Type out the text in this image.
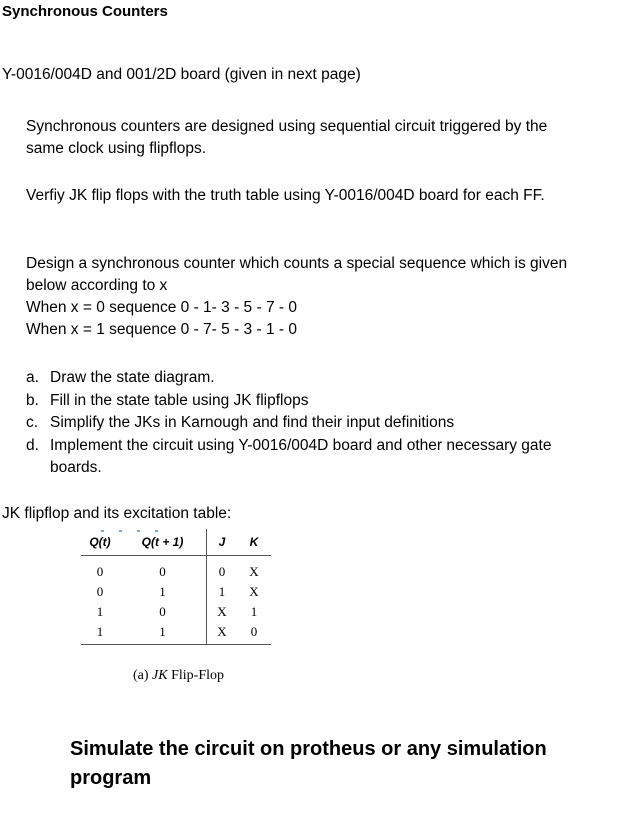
Synchronous Counters
Y-0016/004D and 001/2D board (given in next page)
Synchronous counters are designed using sequential circuit triggered by the
same clock using flipflops.
Verfiy JK flip flops with the truth table using Y-0016/004D board for each FF.
Design a synchronous counter which counts a special sequence which is given
below according to x
When x = 0 sequence 0 - 1- 3 - 5 - 7 - 0
When x = 1 sequence 0 - 7- 5 - 3 - 1 - 0
a. Draw the state diagram.
b. Fill in the state table using JK flipflops
c. Simplify the JKs in Karnough and find their input definitions
d. Implement the circuit using Y-0016/004D board and other necessary gate
boards.
JK flipflop and its excitation table:
Q(t)	Q(t + 1)	J	K
0	0	0	X
0	1	1	X
1	0	X	1
1	1	X	0
(a) JK Flip-Flop
Simulate the circuit on protheus or any simulation
program
